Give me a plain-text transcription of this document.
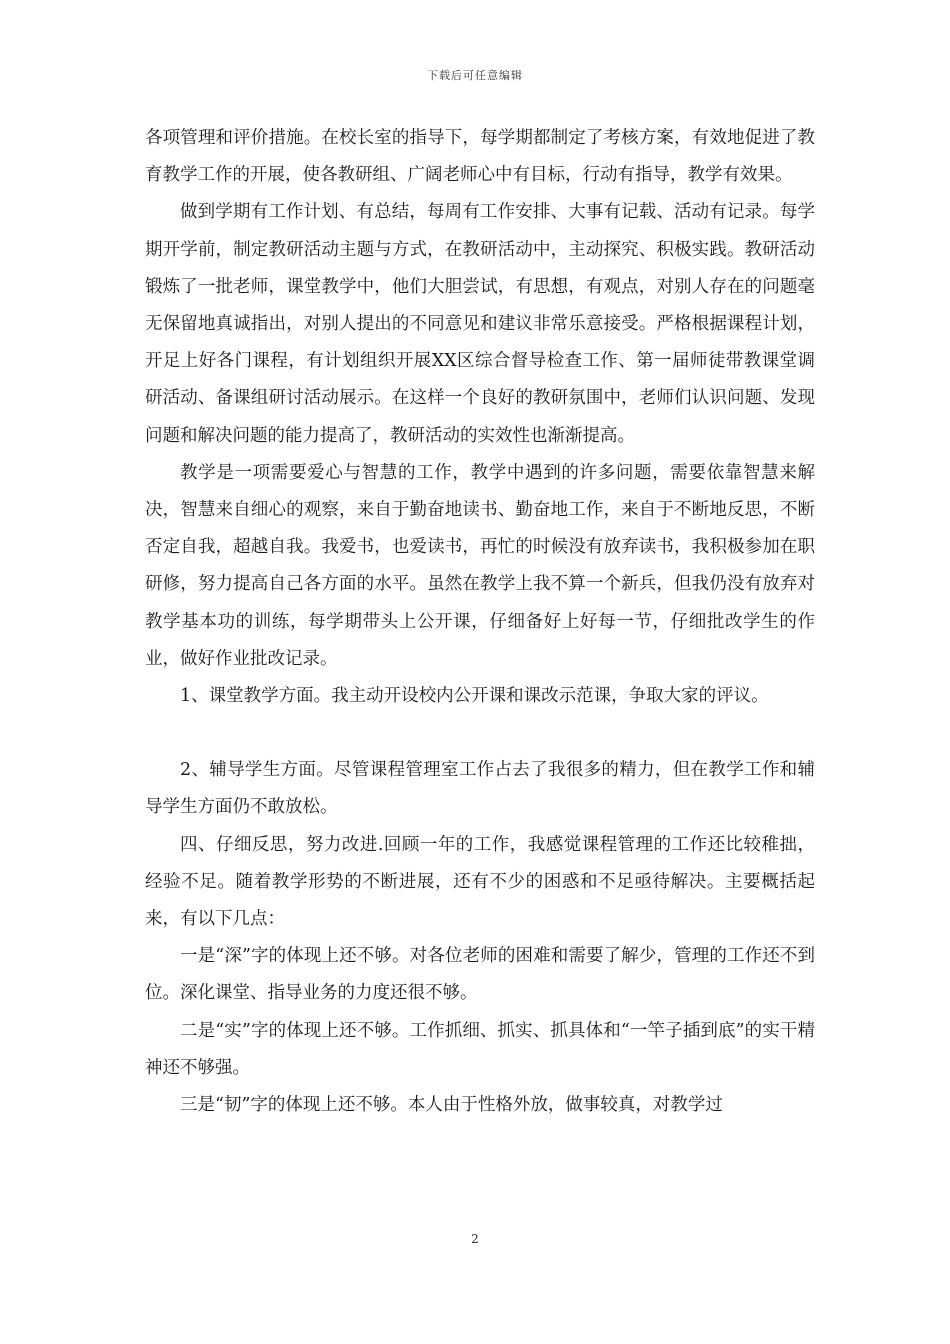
下载后可任意编辑

各项管理和评价措施。在校长室的指导下，每学期都制定了考核方案，有效地促进了教育教学工作的开展，使各教研组、广阔老师心中有目标，行动有指导，教学有效果。

做到学期有工作计划、有总结，每周有工作安排、大事有记载、活动有记录。每学期开学前，制定教研活动主题与方式，在教研活动中，主动探究、积极实践。教研活动锻炼了一批老师，课堂教学中，他们大胆尝试，有思想，有观点，对别人存在的问题毫无保留地真诚指出，对别人提出的不同意见和建议非常乐意接受。严格根据课程计划，开足上好各门课程，有计划组织开展XX区综合督导检查工作、第一届师徒带教课堂调研活动、备课组研讨活动展示。在这样一个良好的教研氛围中，老师们认识问题、发现问题和解决问题的能力提高了，教研活动的实效性也渐渐提高。

教学是一项需要爱心与智慧的工作，教学中遇到的许多问题，需要依靠智慧来解决，智慧来自细心的观察，来自于勤奋地读书、勤奋地工作，来自于不断地反思，不断否定自我，超越自我。我爱书，也爱读书，再忙的时候没有放弃读书，我积极参加在职研修，努力提高自己各方面的水平。虽然在教学上我不算一个新兵，但我仍没有放弃对教学基本功的训练，每学期带头上公开课，仔细备好上好每一节，仔细批改学生的作业，做好作业批改记录。

1、课堂教学方面。我主动开设校内公开课和课改示范课，争取大家的评议。

2、辅导学生方面。尽管课程管理室工作占去了我很多的精力，但在教学工作和辅导学生方面仍不敢放松。

四、仔细反思，努力改进.回顾一年的工作，我感觉课程管理的工作还比较稚拙，经验不足。随着教学形势的不断进展，还有不少的困惑和不足亟待解决。主要概括起来，有以下几点：

一是“深”字的体现上还不够。对各位老师的困难和需要了解少，管理的工作还不到位。深化课堂、指导业务的力度还很不够。

二是“实”字的体现上还不够。工作抓细、抓实、抓具体和“一竿子插到底”的实干精神还不够强。

三是“韧”字的体现上还不够。本人由于性格外放，做事较真，对教学过

2
